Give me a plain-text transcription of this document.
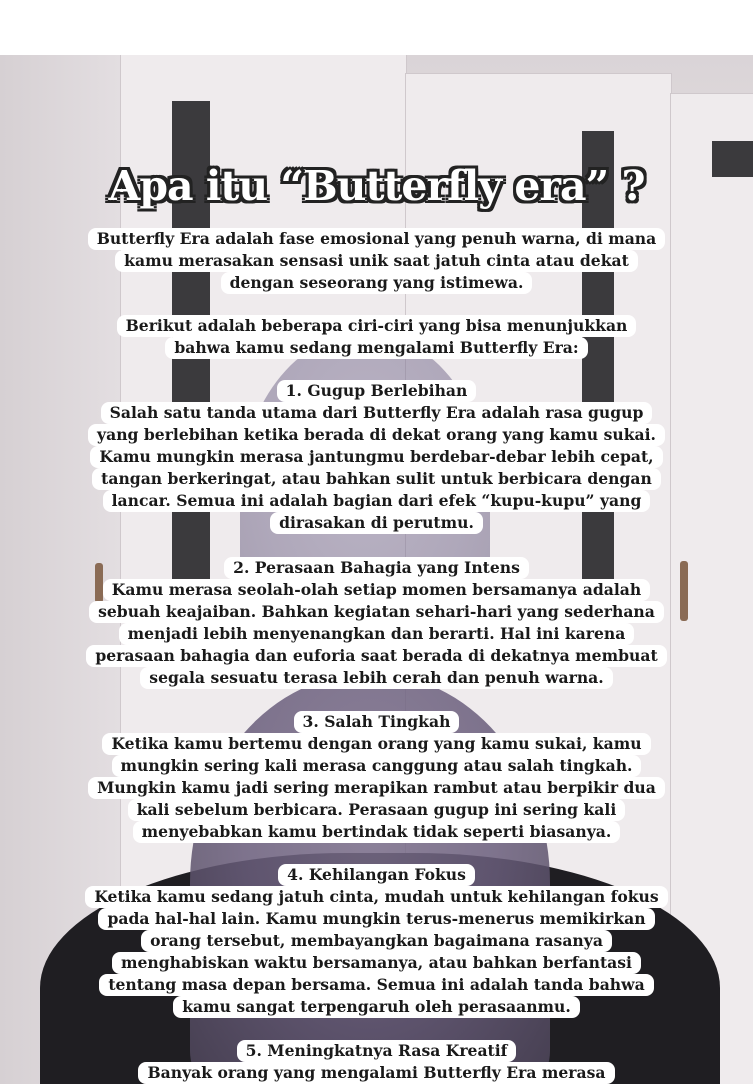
Apa itu “Butterfly era” ?
Butterfly Era adalah fase emosional yang penuh warna, di mana
kamu merasakan sensasi unik saat jatuh cinta atau dekat
dengan seseorang yang istimewa.
Berikut adalah beberapa ciri-ciri yang bisa menunjukkan
bahwa kamu sedang mengalami Butterfly Era:
1. Gugup Berlebihan
Salah satu tanda utama dari Butterfly Era adalah rasa gugup
yang berlebihan ketika berada di dekat orang yang kamu sukai.
Kamu mungkin merasa jantungmu berdebar-debar lebih cepat,
tangan berkeringat, atau bahkan sulit untuk berbicara dengan
lancar. Semua ini adalah bagian dari efek “kupu-kupu” yang
dirasakan di perutmu.
2. Perasaan Bahagia yang Intens
Kamu merasa seolah-olah setiap momen bersamanya adalah
sebuah keajaiban. Bahkan kegiatan sehari-hari yang sederhana
menjadi lebih menyenangkan dan berarti. Hal ini karena
perasaan bahagia dan euforia saat berada di dekatnya membuat
segala sesuatu terasa lebih cerah dan penuh warna.
3. Salah Tingkah
Ketika kamu bertemu dengan orang yang kamu sukai, kamu
mungkin sering kali merasa canggung atau salah tingkah.
Mungkin kamu jadi sering merapikan rambut atau berpikir dua
kali sebelum berbicara. Perasaan gugup ini sering kali
menyebabkan kamu bertindak tidak seperti biasanya.
4. Kehilangan Fokus
Ketika kamu sedang jatuh cinta, mudah untuk kehilangan fokus
pada hal-hal lain. Kamu mungkin terus-menerus memikirkan
orang tersebut, membayangkan bagaimana rasanya
menghabiskan waktu bersamanya, atau bahkan berfantasi
tentang masa depan bersama. Semua ini adalah tanda bahwa
kamu sangat terpengaruh oleh perasaanmu.
5. Meningkatnya Rasa Kreatif
Banyak orang yang mengalami Butterfly Era merasa
